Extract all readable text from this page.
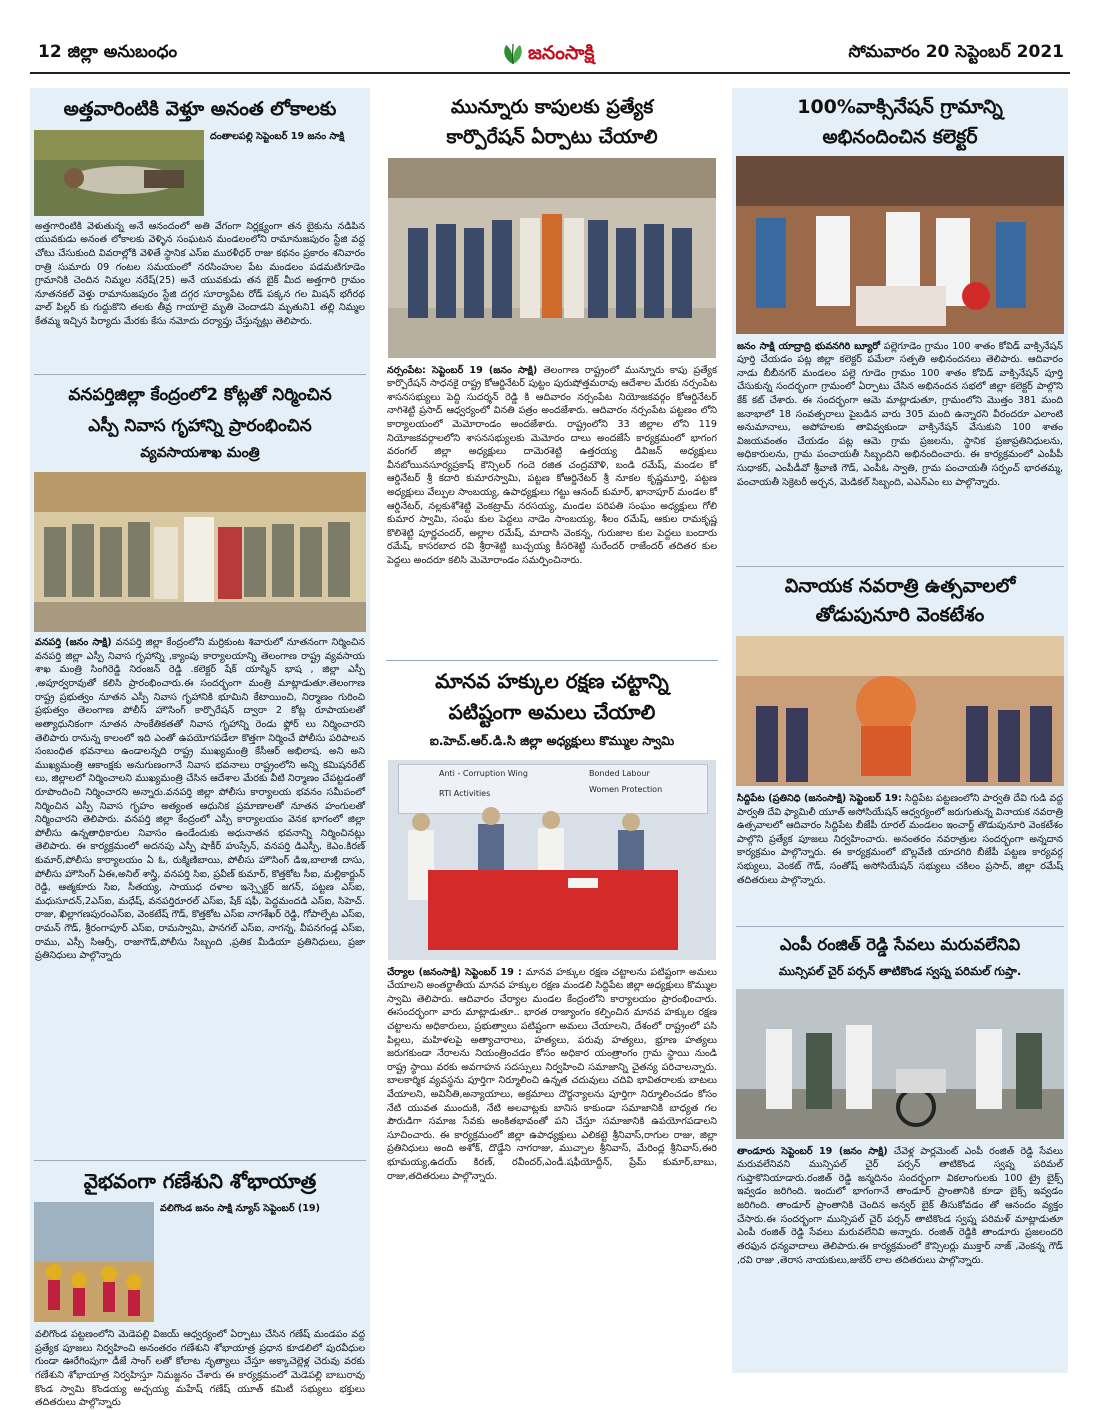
12 జిల్లా అనుబంధం	జనంసాక్షి	సోమవారం 20 సెప్టెంబర్ 2021
అత్తవారింటికి వెళ్తూ అనంత లోకాలకు

దంతాలపల్లి సెప్టెంబర్ 19 జనం సాక్షి

అత్తగారింటికి వెళుతున్న అనే ఆనందంలో అతి వేగంగా నిర్లక్ష్యంగా తన బైకును నడిపిన యువకుడు అనంత లోకాలకు వెళ్ళిన సంఘటన మండలంలోని రామానుజపురం స్టేజి వద్ద చోటు చేసుకుంది వివరాల్లోకి వెళితే స్థానిక ఎస్ఐ మురళీధర్ రాజు కథనం ప్రకారం శనివారం రాత్రి సుమారు 09 గంటల సమయంలో నరసింహుల పేట మండలం పడమటిగూడెం గ్రామానికి చెందిన నిమ్మల నరేష్(25) అనే యువకుడు తన బైక్ మీద అత్తగారి గ్రామం నూతనకల్ వెళ్తు రామానుజపురం స్టేజి దగ్గర సూర్యాపేట రోడ్ పక్కన గల మిషన్ భగీరథ వాల్ పిల్లర్ కు గుద్దుకొని తలకు తీవ్ర గాయాలై మృతి చెందాడని మృతుని1 తల్లి నిమ్మల కేతమ్మ ఇచ్చిన పిర్యాదు మేరకు కేసు నమోదు దర్యాప్తు చేస్తున్నట్లు తెలిపారు.

వనపర్తిజిల్లా కేంద్రంలో2 కోట్లతో నిర్మించిన
ఎస్పీ నివాస గృహాన్ని ప్రారంభించిన
వ్యవసాయశాఖ మంత్రి

వనపర్తి (జనం సాక్షి) వనపర్తి జిల్లా కేంద్రంలోని మర్రికుంట శివారులో నూతనంగా నిర్మించిన వనపర్తి జిల్లా ఎస్పీ నివాస గృహాన్ని ,క్యాంపు కార్యాలయాన్ని తెలంగాణ రాష్ట్ర వ్యవసాయ శాఖ మంత్రి సింగిరెడ్డి నిరంజన్ రెడ్డి .కలెక్టర్ షేక్ యాస్మిన్ భాష , జిల్లా ఎస్పీ ,అపూర్వరావుతో కలిసి ప్రారంభించారు.ఈ సందర్భంగా మంత్రి మాట్లాడుతూ.తెలంగాణ రాష్ట్ర ప్రభుత్వం నూతన ఎస్పీ నివాస గృహానికి భూమిని కేటాయించి, నిర్మాణం గురించి ప్రభుత్వం తెలంగాణ పోలీస్ హౌసింగ్ కార్పొరేషన్ ద్వారా 2 కోట్ల రూపాయలతో అత్యాధునికంగా నూతన సాంకేతికతతో నివాస గృహాన్ని రెండు ఫ్లోర్ లు నిర్మించారని తెలిపారు రానున్న కాలంలో ఇది ఎంతో ఉపయోగపడేలా కొత్తగా నిర్మించే పోలీసు పరిపాలన సంబంధిత భవనాలు ఉండాలన్నది రాష్ట్ర ముఖ్యమంత్రి కేసీఆర్ అభిలాష. అని అని ముఖ్యమంత్రి ఆకాంక్షకు అనుగుణంగానే నివాస భవనాలు రాష్ట్రంలోని అన్ని కమిషనరేట్ లు, జిల్లాలలో నిర్మించాలని ముఖ్యమంత్రి చేసిన ఆదేశాల మేరకు వీటి నిర్మాణం చేపట్టడంతో రూపొందించి నిర్మించారని అన్నారు.వనపర్తి జిల్లా పోలీసు కార్యాలయ భవనం సమీపంలో నిర్మించిన ఎస్పీ నివాస గృహం అత్యంత ఆధునిక ప్రమాణాలతో నూతన హంగులతో నిర్మించారని తెలిపారు. వనపర్తి జిల్లా కేంద్రంలో ఎస్పీ కార్యాలయం వెనక భాగంలో జిల్లా పోలీసు ఉన్నతాధికారుల నివాసం ఉండేందుకు అధునాతన భవనాన్ని నిర్మించినట్లు తెలిపారు. ఈ కార్యక్రమంలో అదనపు ఎస్పీ షాకీర్ హుస్సేన్, వనపర్తి డిఎస్పీ, కెఎం.కిరణ్ కుమార్,పోలీసు కార్యాలయం ఏ ఓ, రుక్మిణిబాయి, పోలీసు హౌసింగ్ డిఇ,బాలాజీ దాసు, పోలీసు హౌసింగ్ ఏఈ,అనిల్ శాస్త్రి, వనపర్తి సిఐ, ప్రవీణ్ కుమార్, కొత్తకోట సీఐ, మల్లికార్జున్ రెడ్డి, ఆత్మకూరు సిఐ, సీతయ్య, సాయుధ దళాల ఇన్స్పెక్టర్ జగన్, పట్టణ ఎస్ఐ, మధుసూదన్,2ఎస్ఐ, మధేష్, వనపర్తిరూరల్ ఎస్ఐ, షేక్ షఫీ, పెద్దమందడి ఎస్ఐ, సిహెచ్. రాజు, ఖిల్లాగణపురంఎస్ఐ, వెంకటేష్ గౌడ్, కొత్తకోట ఎస్ఐ నాగశేఖర్ రెడ్డి, గోపాల్పేట ఎస్ఐ, రామన్ గౌడ్, శ్రీరంగాపూర్ ఎస్ఐ, రామస్వామి, పానగల్ ఎస్ఐ, నాగన్న, వీపనగండ్ల ఎస్ఐ, రాము, ఎస్సీ సిఆర్సీ, రాజాగౌడ్,పోలీసు సిబ్బంది ,ప్రతిక మీడియా ప్రతినిధులు, ప్రజా ప్రతినిధులు పాల్గొన్నారు

వైభవంగా గణేశుని శోభాయాత్ర

వలిగొండ జనం సాక్షి న్యూస్ సెప్టెంబర్ (19)

వలిగొండ పట్టణంలోని మెడెపల్లి విజయ్ ఆధ్వర్యంలో ఏర్పాటు చేసిన గణేష్ మండపం వద్ద ప్రత్యేక పూజలు నిర్వహించి అనంతరం గణేశుని శోభాయాత్ర ప్రధాన కూడలిలో పురవీధుల గుండా ఊరేగింపుగా డీజే సాంగ్ లతో కోలాట నృత్యాలు చేస్తూ అక్కాచెల్లెళ్ల చెరువు వరకు గణేశుని శోభాయాత్ర నిర్వహిస్తూ నిమజ్జనం చేశారు ఈ కార్యక్రమంలో మెడెపల్లి బాబురావు కొండ స్వామి కొండయ్య అచ్చయ్య మహేష్ గణేష్ యూత్ కమిటీ సభ్యులు భక్తులు తదితరులు పాల్గొన్నారు

మున్నూరు కాపులకు ప్రత్యేక
కార్పొరేషన్ ఏర్పాటు చేయాలి

నర్సంపేట: సెప్టెంబర్ 19 (జనం సాక్షి) తెలంగాణ రాష్ట్రంలో మున్నూరు కాపు ప్రత్యేక కార్పొరేషన్ సాధనకై రాష్ట్ర కోఆర్డినేటర్ పుట్టం పురుషోత్తమరావు ఆదేశాల మేరకు నర్సంపేట శాసనసభ్యులు పెద్ది సుదర్శన్ రెడ్డి కి ఆదివారం నర్సంపేట నియోజకవర్గం కోఆర్డినేటర్ నాగిశెట్టి ప్రసాద్ ఆధ్వర్యంలో వినతి పత్రం అందజేశారు. ఆదివారం నర్సంపేట పట్టణం లోని కార్యాలయంలో మెమోరాండం అందజేశారు. రాష్ట్రంలోని 33 జిల్లాల లోని 119 నియోజకవర్గాలలోని శాసనసభ్యులకు మెమోరం దాలు అందజేసే కార్యక్రమంలో భాగంగ వరంగల్ జిల్లా అధ్యక్షులు దామెరశెట్టి ఉత్తరయ్య డివిజన్ అధ్యక్షులు వీనబోయినసూర్యప్రకాష్ కౌన్సిలర్ గందె రజిత చంద్రమౌళి, బండి రమేష్, మండల కో ఆర్డినేటర్ శ్రీ కదారి కుమారస్వామి, పట్టణ కోఆర్డినేటర్ శ్రీ నూకల కృష్ణమూర్తి, పట్టణ అధ్యక్షులు వేల్పుల సాంబయ్య, ఉపాధ్యక్షులు గట్టు ఆనంద్ కుమార్, ఖానాపూర్ మండల కో ఆర్డినేటర్, నల్లకుశోశెట్టి వెంకట్రామ్ నరసయ్య, మండల పరిపతి సంఘం అధ్యక్షులు గోలి కుమార స్వామి, సంఘ కుల పెద్దలు నాడెం సాంబయ్య, శీలం రమేష్, ఆకుల రామకృష్ణ కొలిశెట్టి పూర్ణచందర్, అల్లాల రమేష్, మాదాసి వెంకన్న, గురుజాల కుల పెద్దలు బందారు రమేష్, కాసరబాద రవి శ్రీరాశెట్టి బుచ్చయ్య కీసరిశెట్టి సురేందర్ రాజేందర్ తదితర కుల పెద్దలు అందరూ కలిసి మెమోరాండం సమర్పించినారు.

మానవ హక్కుల రక్షణ చట్టాన్ని
పటిష్టంగా అమలు చేయాలి
ఐ.హెచ్.ఆర్.డి.సి జిల్లా అధ్యక్షులు కొమ్ముల స్వామి
Anti - Corruption Wing	Bonded Labour
Women Protection
RTI Activities

చేర్యాల (జనంసాక్షి) సెప్టెంబర్ 19 : మానవ హక్కుల రక్షణ చట్టాలను పటిష్టంగా అమలు చేయాలని అంతర్జాతీయ మానవ హక్కుల రక్షణ మండలి సిద్దిపేట జిల్లా అధ్యక్షులు కొమ్ముల స్వామి తెలిపారు. ఆదివారం చేర్యాల మండల కేంద్రంలోని కార్యాలయం ప్రారంభించారు. ఈసందర్భంగా వారు మాట్లాడుతూ.. భారత రాజ్యాంగం కల్పించిన మానవ హక్కుల రక్షణ చట్టాలను అధికారులు, ప్రభుత్వాలు పటిష్టంగా అమలు చేయాలని, దేశంలో రాష్ట్రంలో పసి పిల్లలు, మహిళలపై అత్యాచారాలు, హత్యలు, పరువు హత్యలు, భ్రూణ హత్యలు జరుగకుండా నేరాలను నియంత్రించడం కోసం అధికార యంత్రాంగం గ్రామ స్థాయి నుండి రాష్ట్ర స్థాయి వరకు అవగాహన సదస్సులు నిర్వహించి సమాజాన్ని చైతన్య పరిచాలన్నారు. బాలకార్మిక వ్యవస్థను పూర్తిగా నిర్మూలించి ఉన్నత చదువులు చదివి భావితరాలకు బాటలు వేయాలని, అవినీతి,అన్యాయాలు, అక్రమాలు దౌర్జన్యాలను పూర్తిగా నిర్మూలించడం కోసం నేటి యువత ముందుకి, నేటి అలవాట్లకు బానిస కాకుండా సమాజానికి బాధ్యత గల పౌరుడిగా సమాజ సేవకు అంకితభావంతో పని చేస్తూ సమాజానికి ఉపయోగపడాలని సూచించారు. ఈ కార్యక్రమంలో జిల్లా ఉపాధ్యక్షులు ఎలికట్టె శ్రీనివాస్,రాగుల రాజు, జిల్లా ప్రతినిధులు అంది అశోక్, దొడ్డేని నాగరాజు, ముచ్చాల శ్రీనివాస్, మేరింద్ల శ్రీనివాస్,ఈరి భూమయ్య,ఉదయ్ కిరణ్, రవీందర్,ఎండీ.షఫీయోద్దీన్, ప్రేమ్ కుమార్,బాబు, రాజు,తదితరులు పాల్గొన్నారు.

100%వాక్సినేషన్ గ్రామాన్ని
అభినందించిన కలెక్టర్

జనం సాక్షి యాద్రాద్రి భువనగిరి బ్యూరో పల్లెగూడెం గ్రామం 100 శాతం కోవిడ్ వాక్సినేషన్ పూర్తి చేయడం పట్ల జిల్లా కలెక్టర్ పమేలా సత్పతి అభినందనలు తెలిపారు. ఆదివారం నాడు బీబీనగర్ మండలం పల్లె గూడెం గ్రామం 100 శాతం కోవిడ్ వాక్సినేషన్ పూర్తి చేసుకున్న సందర్భంగా గ్రామంలో ఏర్పాటు చేసిన అభినందన సభలో జిల్లా కలెక్టర్ పాల్గొని కేక్ కట్ చేశారు. ఈ సందర్భంగా ఆమె మాట్లాడుతూ, గ్రామంలోని మొత్తం 381 మంది జనాభాలో 18 సంవత్సరాలు పైబడిన వారు 305 మంది ఉన్నారని వీరందరూ ఎలాంటి అనుమానాలు, అపోహలకు తావివ్వకుండా వాక్సినేషన్ వేసుకుని 100 శాతం విజయవంతం చేయడం పట్ల ఆమె గ్రామ ప్రజలను, స్థానిక ప్రజాప్రతినిధులను, అధికారులను, గ్రామ పంచాయతీ సిబ్బందిని అభినందించారు. ఈ కార్యక్రమంలో ఎంపీపీ సుధాకర్, ఎంపీడీవో శ్రీవాణి గౌడ్, ఎంపీఓ స్వాతి, గ్రామ పంచాయతీ సర్పంచ్ భారతమ్మ, పంచాయతీ సెక్రెటరీ అర్చన, మెడికల్ సిబ్బంది, ఎఎన్ఎం లు పాల్గొన్నారు.

వినాయక నవరాత్రి ఉత్సవాలలో
తోడుపునూరి వెంకటేశం

సిద్దిపేట (ప్రతినిధి (జనంసాక్షి) సెప్టెంబర్ 19: సిద్దిపేట పట్టణంలోని పార్వతి దేవి గుడి వద్ద పార్వతి దేవి ఫ్యామిలీ యూత్ అసోసియేషన్ ఆధ్వర్యంలో జరుగుతున్న వినాయక నవరాత్రి ఉత్సవాలలో ఆదివారం సిద్దిపేట బీజేపీ రూరల్ మండలం ఇంచార్జ్ తొడుపునూరి వెంకటేశం పాల్గొని ప్రత్యేక పూజలు నిర్వహించారు. అనంతరం నవరాత్రుల సందర్భంగా అన్నదాన కార్యక్రమం పాల్గొన్నారు. ఈ కార్యక్రమంలో బొల్లవేణి యాదగిరి బీజేపీ పట్టణ కార్యవర్గ సభ్యులు, వెంకట్ గౌడ్, సంతోష్ అసోసియేషన్ సభ్యులు చకిలం ప్రసాద్, జిల్లా రమేష్ తదితరులు పాల్గొన్నారు.

ఎంపీ రంజిత్ రెడ్డి సేవలు మరువలేనివి
మున్సిపల్ చైర్ పర్సన్ తాటికొండ స్వప్న పరిమల్ గుప్తా.

తాండూరు సెప్టెంబర్ 19 (జనం సాక్షి) చేవెళ్ల పార్లమెంట్ ఎంపీ రంజిత్ రెడ్డి సేవలు మరువలేనివని మున్సిపల్ చైర్ పర్సన్ తాటికొండ స్వప్న పరిమల్ గుప్తాకొనియాడారు.రంజిత్ రెడ్డి జన్మదినం సందర్భంగా వికలాంగులకు 100 ట్రై బైక్స్ ఇవ్వడం జరిగింది. ఇందులో భాగంగానే తాండూర్ ప్రాంతానికి కూడా బైక్స్ ఇవ్వడం జరిగింది. తాండూర్ ప్రాంతానికి చెందిన అన్వర్ బైక్ తీసుకోవడం తో ఆనందం వ్యక్తం చేసారు.ఈ సందర్భంగా మున్సిపల్ చైర్ పర్సన్ తాటికొండ స్వప్న పరిమళ్ మాట్లాడుతూ ఎంపీ రంజిత్ రెడ్డి సేవలు మరువలేనివి అన్నారు. రంజిత్ రెడ్డికి తాండూరు ప్రజలందరి తరఫున ధన్యవాదాలు తెలిపారు.ఈ కార్యక్రమంలో కౌన్సిలర్లు ముక్తార్ నాజ్ ,వెంకన్న గౌడ్ ,రవి రాజు ,తెరాస నాయకులు,జుబేర్ లాల తదితరులు పాల్గొన్నారు.
